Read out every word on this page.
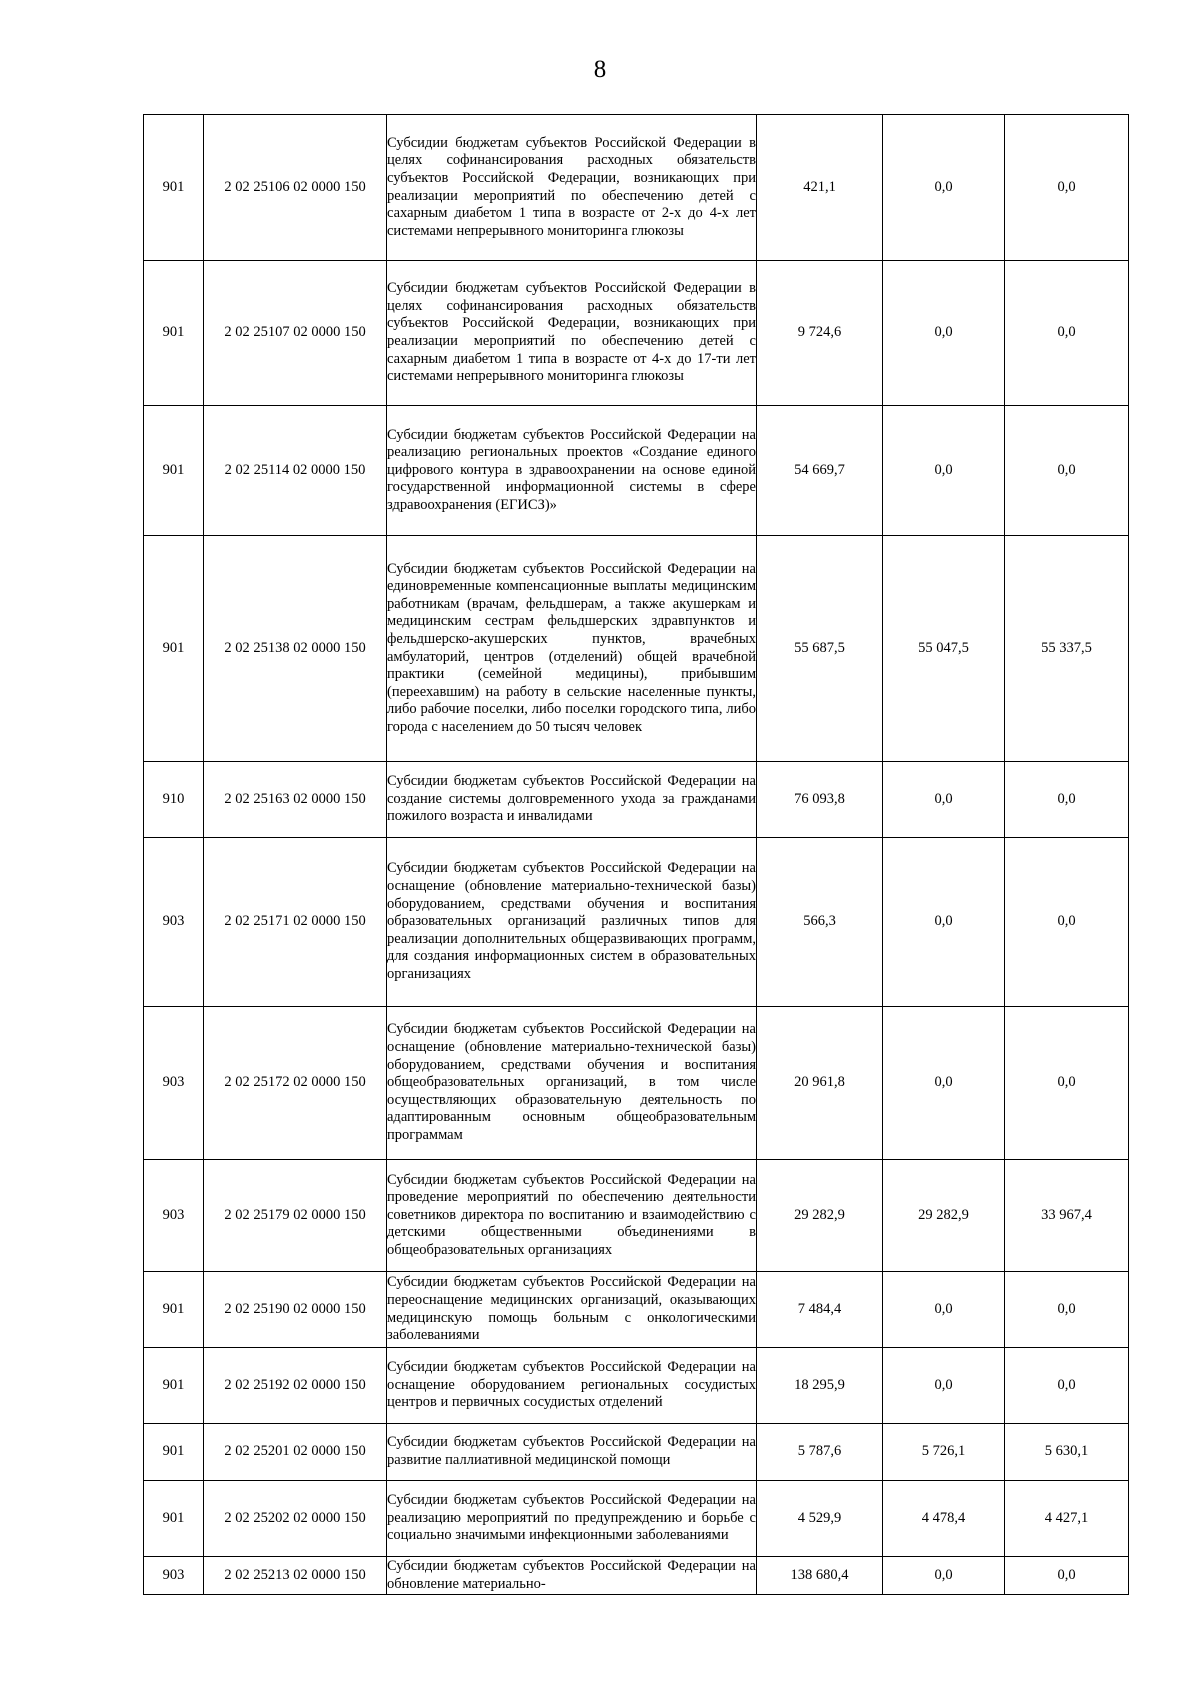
8
901	2 02 25106 02 0000 150	Субсидии бюджетам субъектов Российской Федерации в целях софинансирования расходных обязательств субъектов Российской Федерации, возникающих при реализации мероприятий по обеспечению детей с сахарным диабетом 1 типа в возрасте от 2-х до 4-х лет системами непрерывного мониторинга глюкозы	421,1	0,0	0,0
901	2 02 25107 02 0000 150	Субсидии бюджетам субъектов Российской Федерации в целях софинансирования расходных обязательств субъектов Российской Федерации, возникающих при реализации мероприятий по обеспечению детей с сахарным диабетом 1 типа в возрасте от 4-х до 17-ти лет системами непрерывного мониторинга глюкозы	9 724,6	0,0	0,0
901	2 02 25114 02 0000 150	Субсидии бюджетам субъектов Российской Федерации на реализацию региональных проектов «Создание единого цифрового контура в здравоохранении на основе единой государственной информационной системы в сфере здравоохранения (ЕГИСЗ)»	54 669,7	0,0	0,0
901	2 02 25138 02 0000 150	Субсидии бюджетам субъектов Российской Федерации на единовременные компенсационные выплаты медицинским работникам (врачам, фельдшерам, а также акушеркам и медицинским сестрам фельдшерских здравпунктов и фельдшерско-акушерских пунктов, врачебных амбулаторий, центров (отделений) общей врачебной практики (семейной медицины), прибывшим (переехавшим) на работу в сельские населенные пункты, либо рабочие поселки, либо поселки городского типа, либо города с населением до 50 тысяч человек	55 687,5	55 047,5	55 337,5
910	2 02 25163 02 0000 150	Субсидии бюджетам субъектов Российской Федерации на создание системы долговременного ухода за гражданами пожилого возраста и инвалидами	76 093,8	0,0	0,0
903	2 02 25171 02 0000 150	Субсидии бюджетам субъектов Российской Федерации на оснащение (обновление материально-технической базы) оборудованием, средствами обучения и воспитания образовательных организаций различных типов для реализации дополнительных общеразвивающих программ, для создания информационных систем в образовательных организациях	566,3	0,0	0,0
903	2 02 25172 02 0000 150	Субсидии бюджетам субъектов Российской Федерации на оснащение (обновление материально-технической базы) оборудованием, средствами обучения и воспитания общеобразовательных организаций, в том числе осуществляющих образовательную деятельность по адаптированным основным общеобразовательным программам	20 961,8	0,0	0,0
903	2 02 25179 02 0000 150	Субсидии бюджетам субъектов Российской Федерации на проведение мероприятий по обеспечению деятельности советников директора по воспитанию и взаимодействию с детскими общественными объединениями в общеобразовательных организациях	29 282,9	29 282,9	33 967,4
901	2 02 25190 02 0000 150	Субсидии бюджетам субъектов Российской Федерации на переоснащение медицинских организаций, оказывающих медицинскую помощь больным с онкологическими заболеваниями	7 484,4	0,0	0,0
901	2 02 25192 02 0000 150	Субсидии бюджетам субъектов Российской Федерации на оснащение оборудованием региональных сосудистых центров и первичных сосудистых отделений	18 295,9	0,0	0,0
901	2 02 25201 02 0000 150	Субсидии бюджетам субъектов Российской Федерации на развитие паллиативной медицинской помощи	5 787,6	5 726,1	5 630,1
901	2 02 25202 02 0000 150	Субсидии бюджетам субъектов Российской Федерации на реализацию мероприятий по предупреждению и борьбе с социально значимыми инфекционными заболеваниями	4 529,9	4 478,4	4 427,1
903	2 02 25213 02 0000 150	Субсидии бюджетам субъектов Российской Федерации на обновление материально-	138 680,4	0,0	0,0
